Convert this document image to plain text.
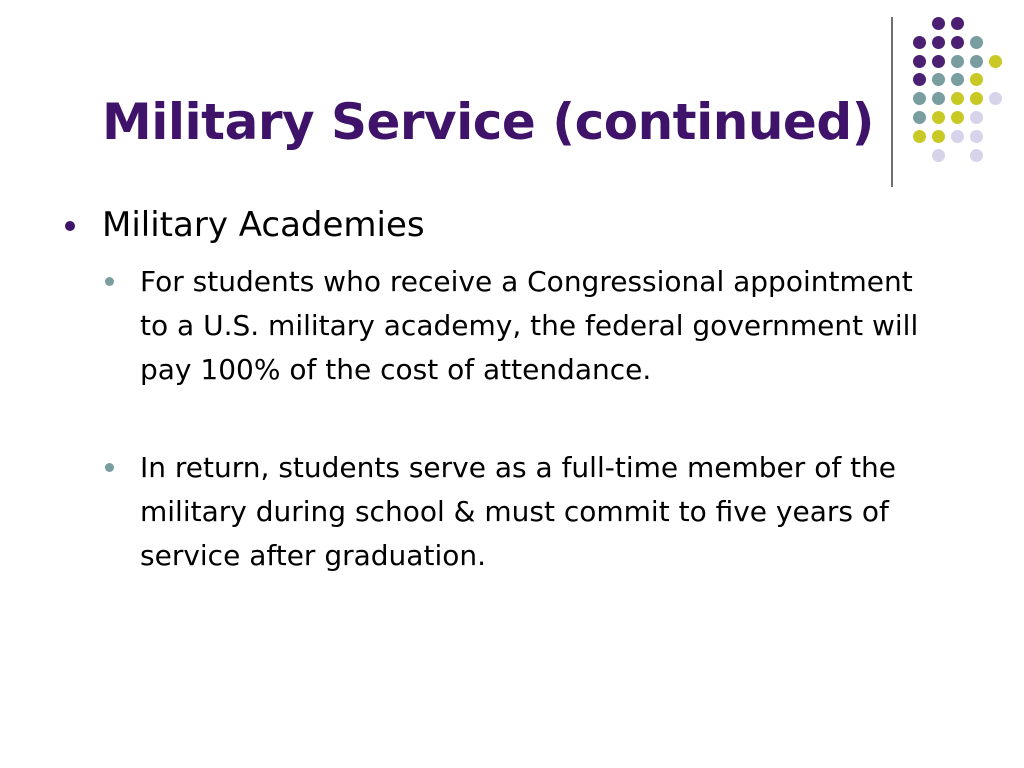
Military Service (continued)
Military Academies
For students who receive a Congressional appointment to a U.S. military academy, the federal government will pay 100% of the cost of attendance.
In return, students serve as a full-time member of the military during school & must commit to five years of service after graduation.
